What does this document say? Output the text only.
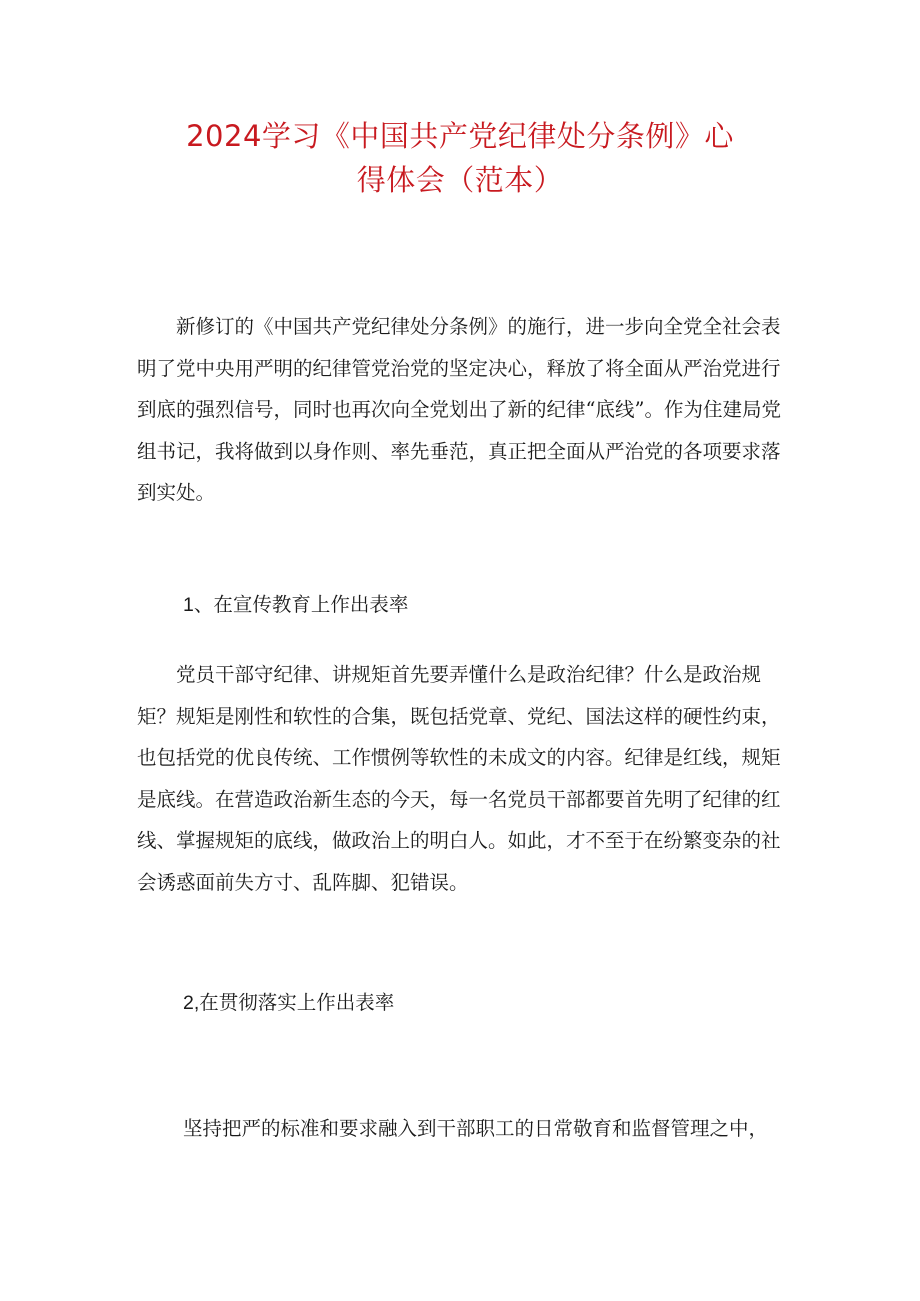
2024学习《中国共产党纪律处分条例》心
得体会（范本）

新修订的《中国共产党纪律处分条例》的施行，进一步向全党全社会表明了党中央用严明的纪律管党治党的坚定决心，释放了将全面从严治党进行到底的强烈信号，同时也再次向全党划出了新的纪律“底线”。作为住建局党组书记，我将做到以身作则、率先垂范，真正把全面从严治党的各项要求落到实处。

1、在宣传教育上作出表率

党员干部守纪律、讲规矩首先要弄懂什么是政治纪律？什么是政治规矩？规矩是刚性和软性的合集，既包括党章、党纪、国法这样的硬性约束，也包括党的优良传统、工作惯例等软性的未成文的内容。纪律是红线，规矩是底线。在营造政治新生态的今天，每一名党员干部都要首先明了纪律的红线、掌握规矩的底线，做政治上的明白人。如此，才不至于在纷繁变杂的社会诱惑面前失方寸、乱阵脚、犯错误。

2,在贯彻落实上作出表率

坚持把严的标准和要求融入到干部职工的日常敬育和监督管理之中，
